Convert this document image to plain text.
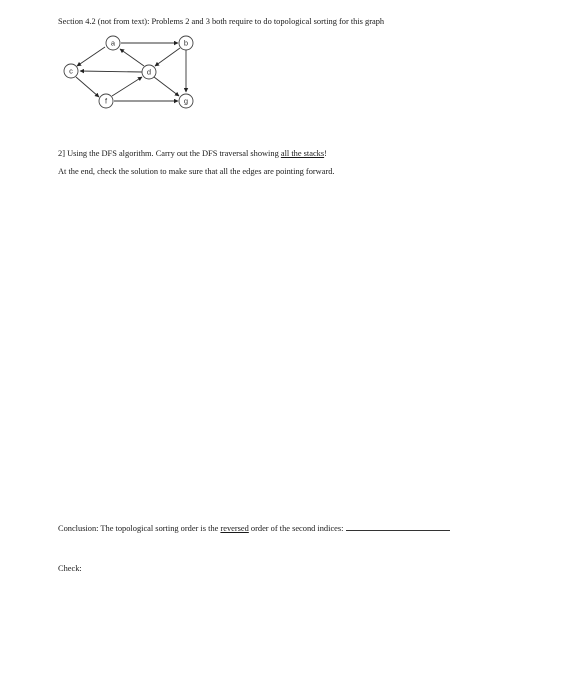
Section 4.2 (not from text): Problems 2 and 3 both require to do topological sorting for this graph
a	b
c	d
f	g
2] Using the DFS algorithm. Carry out the DFS traversal showing all the stacks!
At the end, check the solution to make sure that all the edges are pointing forward.
Conclusion: The topological sorting order is the reversed order of the second indices:
Check:
